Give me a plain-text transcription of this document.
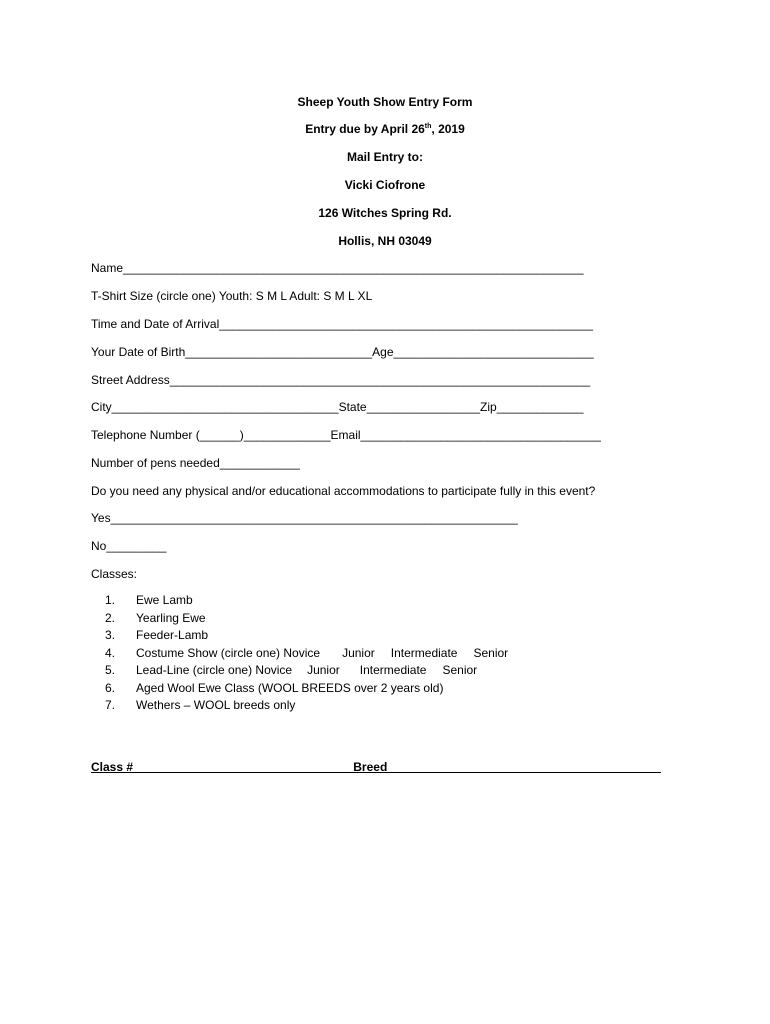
Sheep Youth Show Entry Form
Entry due by April 26th, 2019
Mail Entry to:
Vicki Ciofrone
126 Witches Spring Rd.
Hollis, NH 03049
Name_____________________________________________________________________
T-Shirt Size (circle one) Youth: S M L Adult: S M L XL
Time and Date of Arrival________________________________________________________
Your Date of Birth____________________________Age______________________________
Street Address_______________________________________________________________
City__________________________________State_________________Zip_____________
Telephone Number (______)_____________Email____________________________________
Number of pens needed____________
Do you need any physical and/or educational accommodations to participate fully in this event?
Yes_____________________________________________________________
No_________
Classes:
1. Ewe Lamb
2. Yearling Ewe
3. Feeder-Lamb
4. Costume Show (circle one) Novice Junior Intermediate Senior
5. Lead-Line (circle one) Novice Junior Intermediate Senior
6. Aged Wool Ewe Class (WOOL BREEDS over 2 years old)
7. Wethers – WOOL breeds only
Class #_________________________________Breed_________________________________________
